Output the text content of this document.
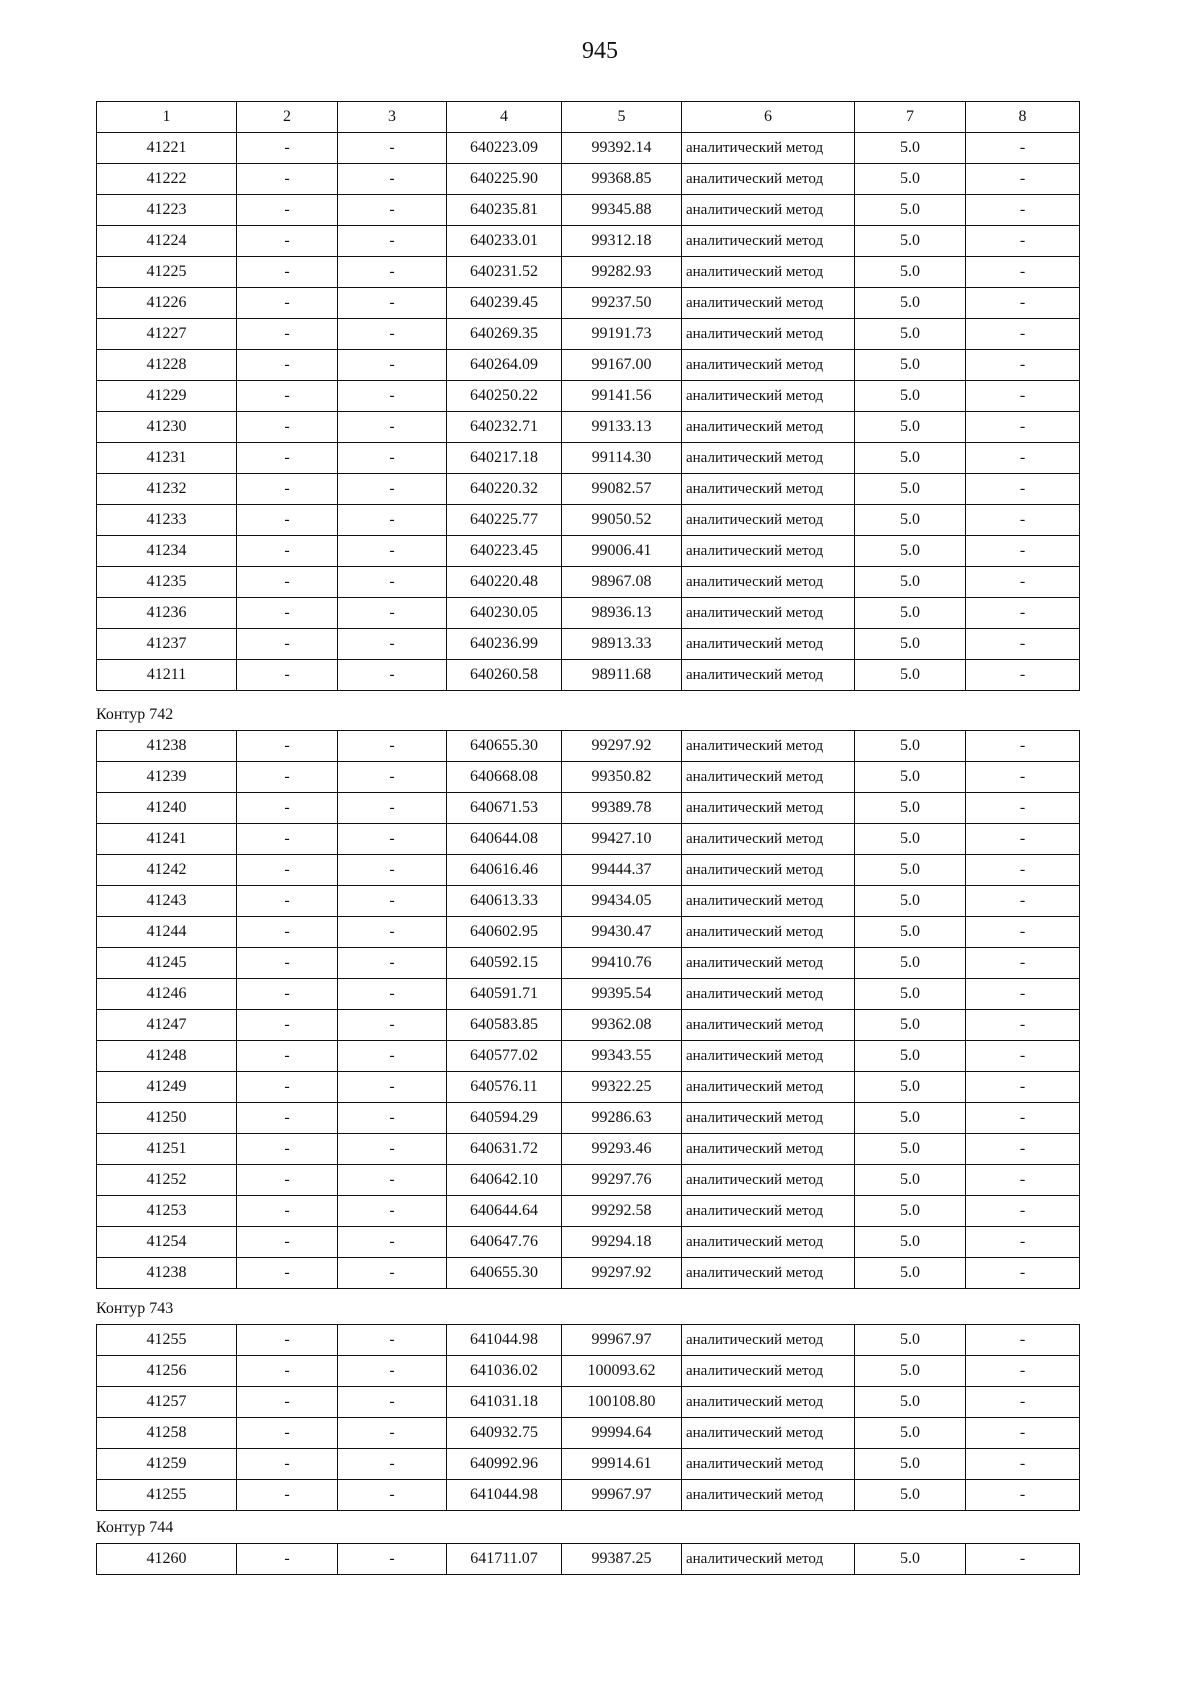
945
1	2	3	4	5	6	7	8
41221	-	-	640223.09	99392.14	аналитический метод	5.0	-
41222	-	-	640225.90	99368.85	аналитический метод	5.0	-
41223	-	-	640235.81	99345.88	аналитический метод	5.0	-
41224	-	-	640233.01	99312.18	аналитический метод	5.0	-
41225	-	-	640231.52	99282.93	аналитический метод	5.0	-
41226	-	-	640239.45	99237.50	аналитический метод	5.0	-
41227	-	-	640269.35	99191.73	аналитический метод	5.0	-
41228	-	-	640264.09	99167.00	аналитический метод	5.0	-
41229	-	-	640250.22	99141.56	аналитический метод	5.0	-
41230	-	-	640232.71	99133.13	аналитический метод	5.0	-
41231	-	-	640217.18	99114.30	аналитический метод	5.0	-
41232	-	-	640220.32	99082.57	аналитический метод	5.0	-
41233	-	-	640225.77	99050.52	аналитический метод	5.0	-
41234	-	-	640223.45	99006.41	аналитический метод	5.0	-
41235	-	-	640220.48	98967.08	аналитический метод	5.0	-
41236	-	-	640230.05	98936.13	аналитический метод	5.0	-
41237	-	-	640236.99	98913.33	аналитический метод	5.0	-
41211	-	-	640260.58	98911.68	аналитический метод	5.0	-
Контур 742
41238	-	-	640655.30	99297.92	аналитический метод	5.0	-
41239	-	-	640668.08	99350.82	аналитический метод	5.0	-
41240	-	-	640671.53	99389.78	аналитический метод	5.0	-
41241	-	-	640644.08	99427.10	аналитический метод	5.0	-
41242	-	-	640616.46	99444.37	аналитический метод	5.0	-
41243	-	-	640613.33	99434.05	аналитический метод	5.0	-
41244	-	-	640602.95	99430.47	аналитический метод	5.0	-
41245	-	-	640592.15	99410.76	аналитический метод	5.0	-
41246	-	-	640591.71	99395.54	аналитический метод	5.0	-
41247	-	-	640583.85	99362.08	аналитический метод	5.0	-
41248	-	-	640577.02	99343.55	аналитический метод	5.0	-
41249	-	-	640576.11	99322.25	аналитический метод	5.0	-
41250	-	-	640594.29	99286.63	аналитический метод	5.0	-
41251	-	-	640631.72	99293.46	аналитический метод	5.0	-
41252	-	-	640642.10	99297.76	аналитический метод	5.0	-
41253	-	-	640644.64	99292.58	аналитический метод	5.0	-
41254	-	-	640647.76	99294.18	аналитический метод	5.0	-
41238	-	-	640655.30	99297.92	аналитический метод	5.0	-
Контур 743
41255	-	-	641044.98	99967.97	аналитический метод	5.0	-
41256	-	-	641036.02	100093.62	аналитический метод	5.0	-
41257	-	-	641031.18	100108.80	аналитический метод	5.0	-
41258	-	-	640932.75	99994.64	аналитический метод	5.0	-
41259	-	-	640992.96	99914.61	аналитический метод	5.0	-
41255	-	-	641044.98	99967.97	аналитический метод	5.0	-
Контур 744
41260	-	-	641711.07	99387.25	аналитический метод	5.0	-
